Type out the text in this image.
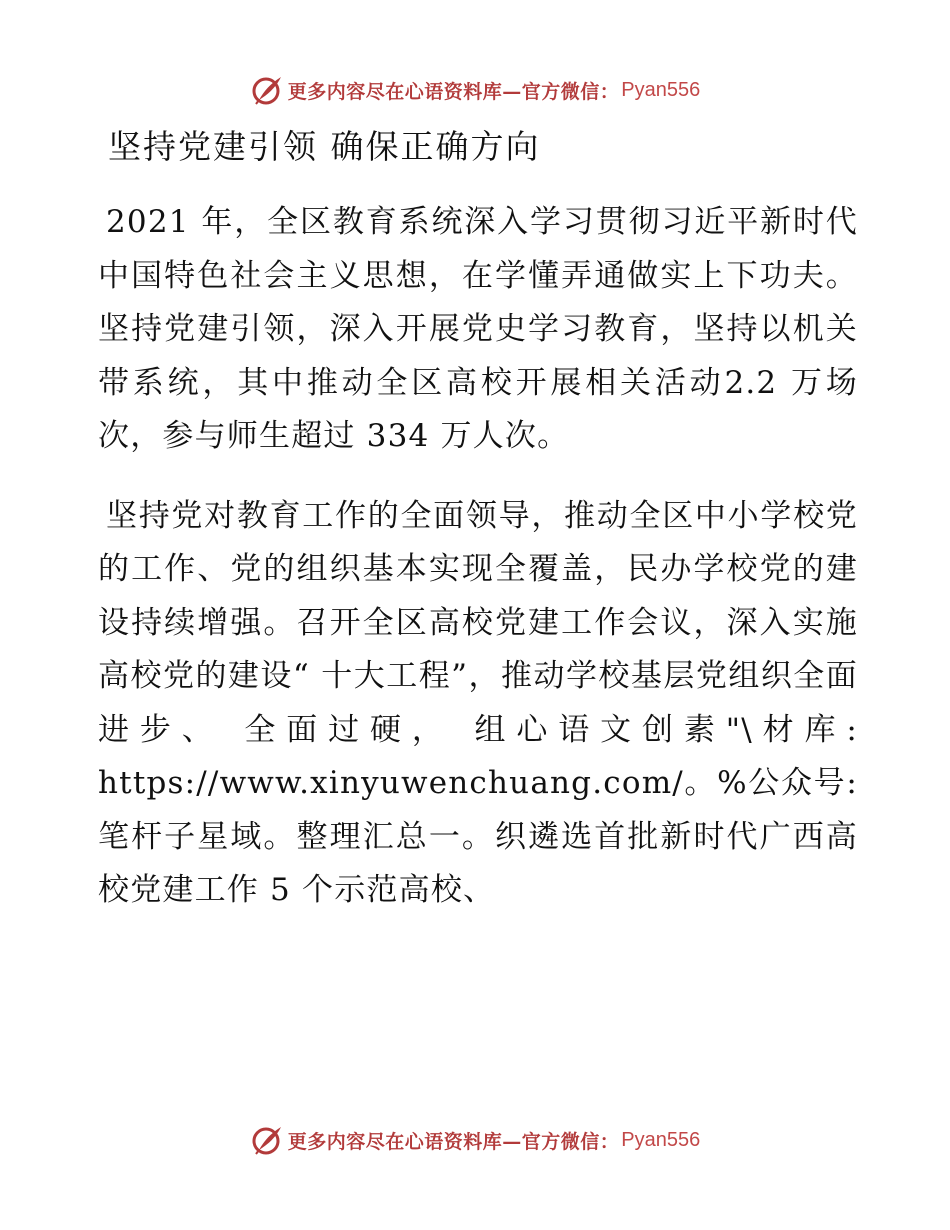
更多内容尽在心语资料库—官方微信： Pyan556
坚持党建引领 确保正确方向

2021 年，全区教育系统深入学习贯彻习近平新时代中国特色社会主义思想，在学懂弄通做实上下功夫。坚持党建引领，深入开展党史学习教育，坚持以机关带系统，其中推动全区高校开展相关活动2.2 万场次，参与师生超过 334 万人次。

坚持党对教育工作的全面领导，推动全区中小学校党的工作、党的组织基本实现全覆盖，民办学校党的建设持续增强。召开全区高校党建工作会议，深入实施高校党的建设“ 十大工程”，推动学校基层党组织全面进步、 全面过硬， 组心语文创素"\材库: https://www.xinyuwenchuang.com/。%公众号: 笔杆子星域。整理汇总一。织遴选首批新时代广西高校党建工作 5 个示范高校、

更多内容尽在心语资料库—官方微信： Pyan556
